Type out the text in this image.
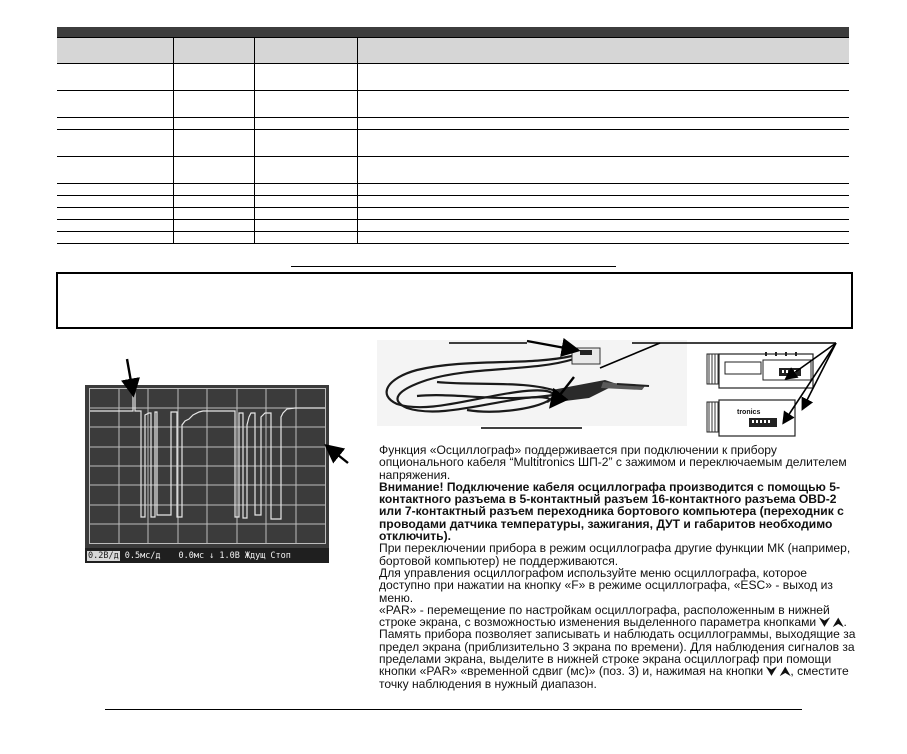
0.2В/д 0.5мс/д 0.0мс ↓ 1.0В Ждущ Стоп
tronics

Функция «Осциллограф» поддерживается при подключении к прибору опционального кабеля “Multitronics ШП-2” с зажимом и переключаемым делителем напряжения.

Внимание! Подключение кабеля осциллографа производится с помощью 5-контактного разъема в 5-контактный разъем 16-контактного разъема OBD-2 или 7-контактный разъем переходника бортового компьютера (переходник с проводами датчика температуры, зажигания, ДУТ и габаритов необходимо отключить).

При переключении прибора в режим осциллографа другие функции МК (например, бортовой компьютер) не поддерживаются.

Для управления осциллографом используйте меню осциллографа, которое доступно при нажатии на кнопку «F» в режиме осциллографа, «ESC» - выход из меню.

«PAR» - перемещение по настройкам осциллографа, расположенным в нижней строке экрана, с возможностью изменения выделенного параметра кнопками ⮟ ⮝. Память прибора позволяет записывать и наблюдать осциллограммы, выходящие за предел экрана (приблизительно 3 экрана по времени). Для наблюдения сигналов за пределами экрана, выделите в нижней строке экрана осциллограф при помощи кнопки «PAR» «временной сдвиг (мс)» (поз. 3) и, нажимая на кнопки ⮟ ⮝, сместите точку наблюдения в нужный диапазон.
